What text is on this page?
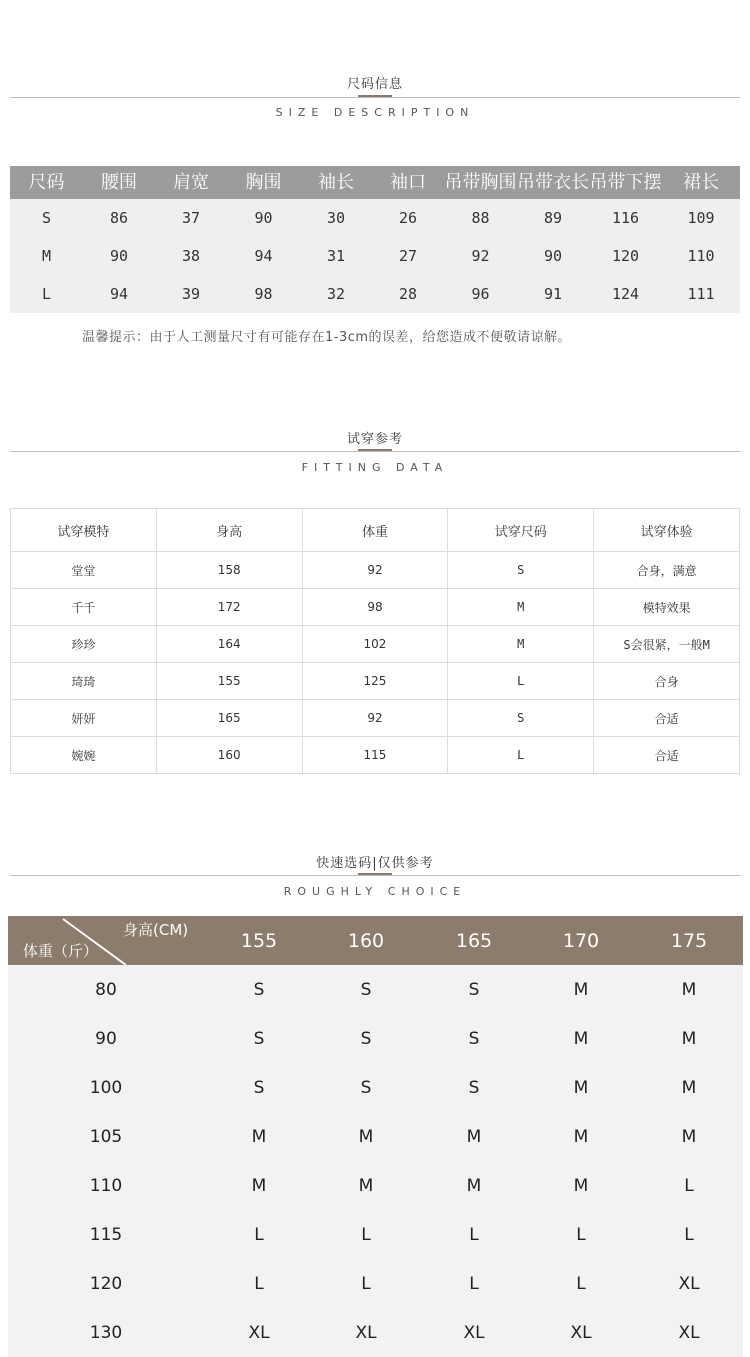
尺码信息
SIZE DESCRIPTION
尺码	腰围	肩宽	胸围	袖长	袖口	吊带胸围 吊带衣长 吊带下摆	裙长
S	86	37	90	30	26	88	89	116	109
M	90	38	94	31	27	92	90	120	110
L	94	39	98	32	28	96	91	124	111
温馨提示：由于人工测量尺寸有可能存在1-3cm的误差，给您造成不便敬请谅解。
试穿参考
FITTING DATA
试穿模特	身高	体重	试穿尺码	试穿体验
堂堂	158	92	S	合身，满意
千千	172	98	M	模特效果
珍珍	164	102	M	S会很紧，一般M
琦琦	155	125	L	合身
妍妍	165	92	S	合适
婉婉	160	115	L	合适
快速选码|仅供参考
ROUGHLY CHOICE
身高(CM)
体重（斤）	155	160	165	170	175
80	S	S	S	M	M
90	S	S	S	M	M
100	S	S	S	M	M
105	M	M	M	M	M
110	M	M	M	M	L
115	L	L	L	L	L
120	L	L	L	L	XL
130	XL	XL	XL	XL	XL
